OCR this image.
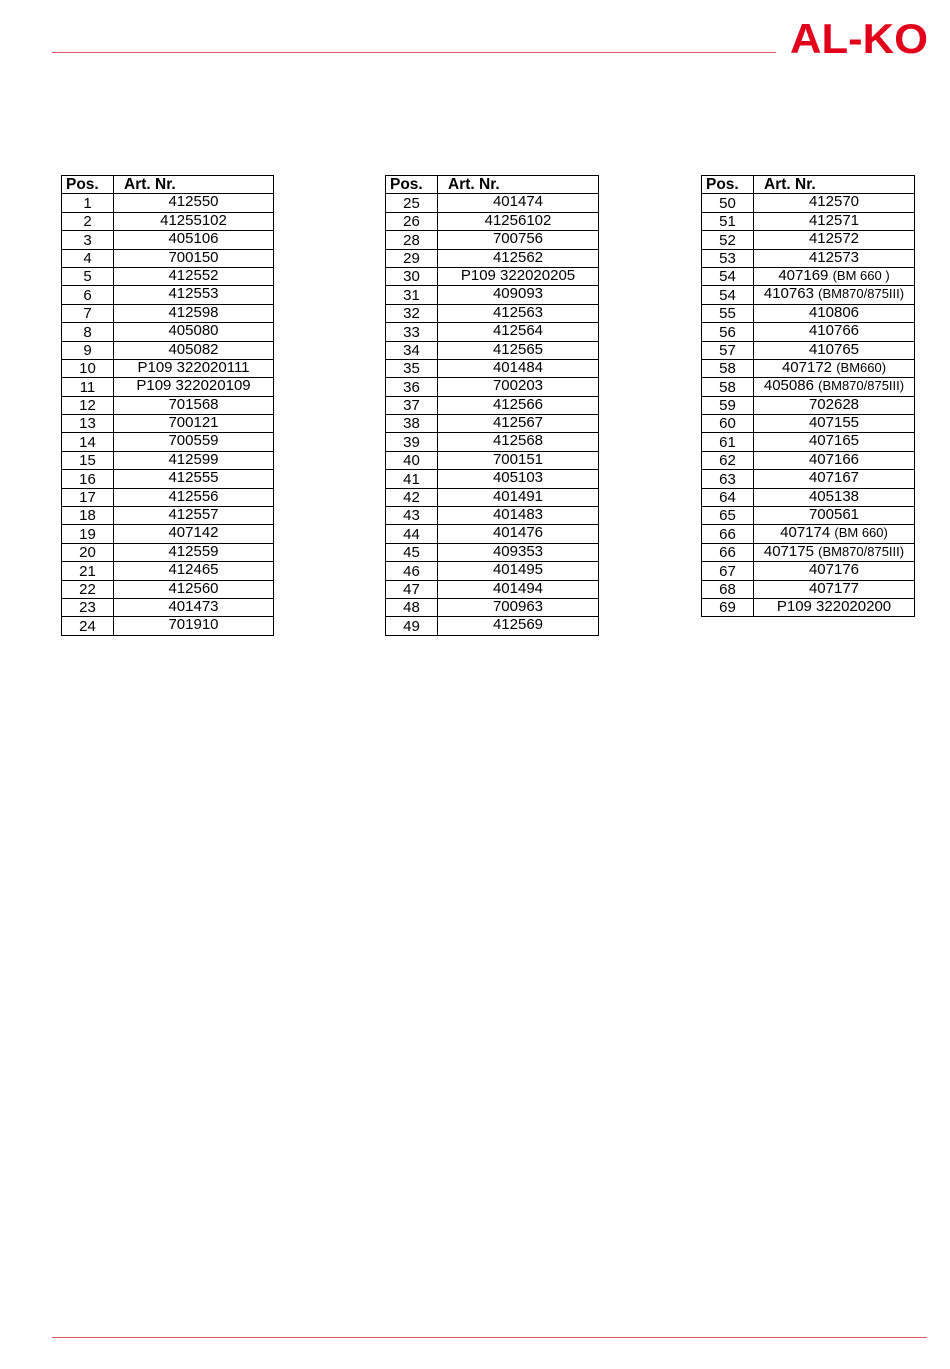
AL-KO
Pos.	Art. Nr.
1	412550
2	41255102
3	405106
4	700150
5	412552
6	412553
7	412598
8	405080
9	405082
10	P109 322020111
11	P109 322020109
12	701568
13	700121
14	700559
15	412599
16	412555
17	412556
18	412557
19	407142
20	412559
21	412465
22	412560
23	401473
24	701910
Pos.	Art. Nr.
25	401474
26	41256102
28	700756
29	412562
30	P109 322020205
31	409093
32	412563
33	412564
34	412565
35	401484
36	700203
37	412566
38	412567
39	412568
40	700151
41	405103
42	401491
43	401483
44	401476
45	409353
46	401495
47	401494
48	700963
49	412569
Pos.	Art. Nr.
50	412570
51	412571
52	412572
53	412573
54	407169 (BM 660 )
54	410763 (BM870/875III)
55	410806
56	410766
57	410765
58	407172 (BM660)
58	405086 (BM870/875III)
59	702628
60	407155
61	407165
62	407166
63	407167
64	405138
65	700561
66	407174 (BM 660)
66	407175 (BM870/875III)
67	407176
68	407177
69	P109 322020200
